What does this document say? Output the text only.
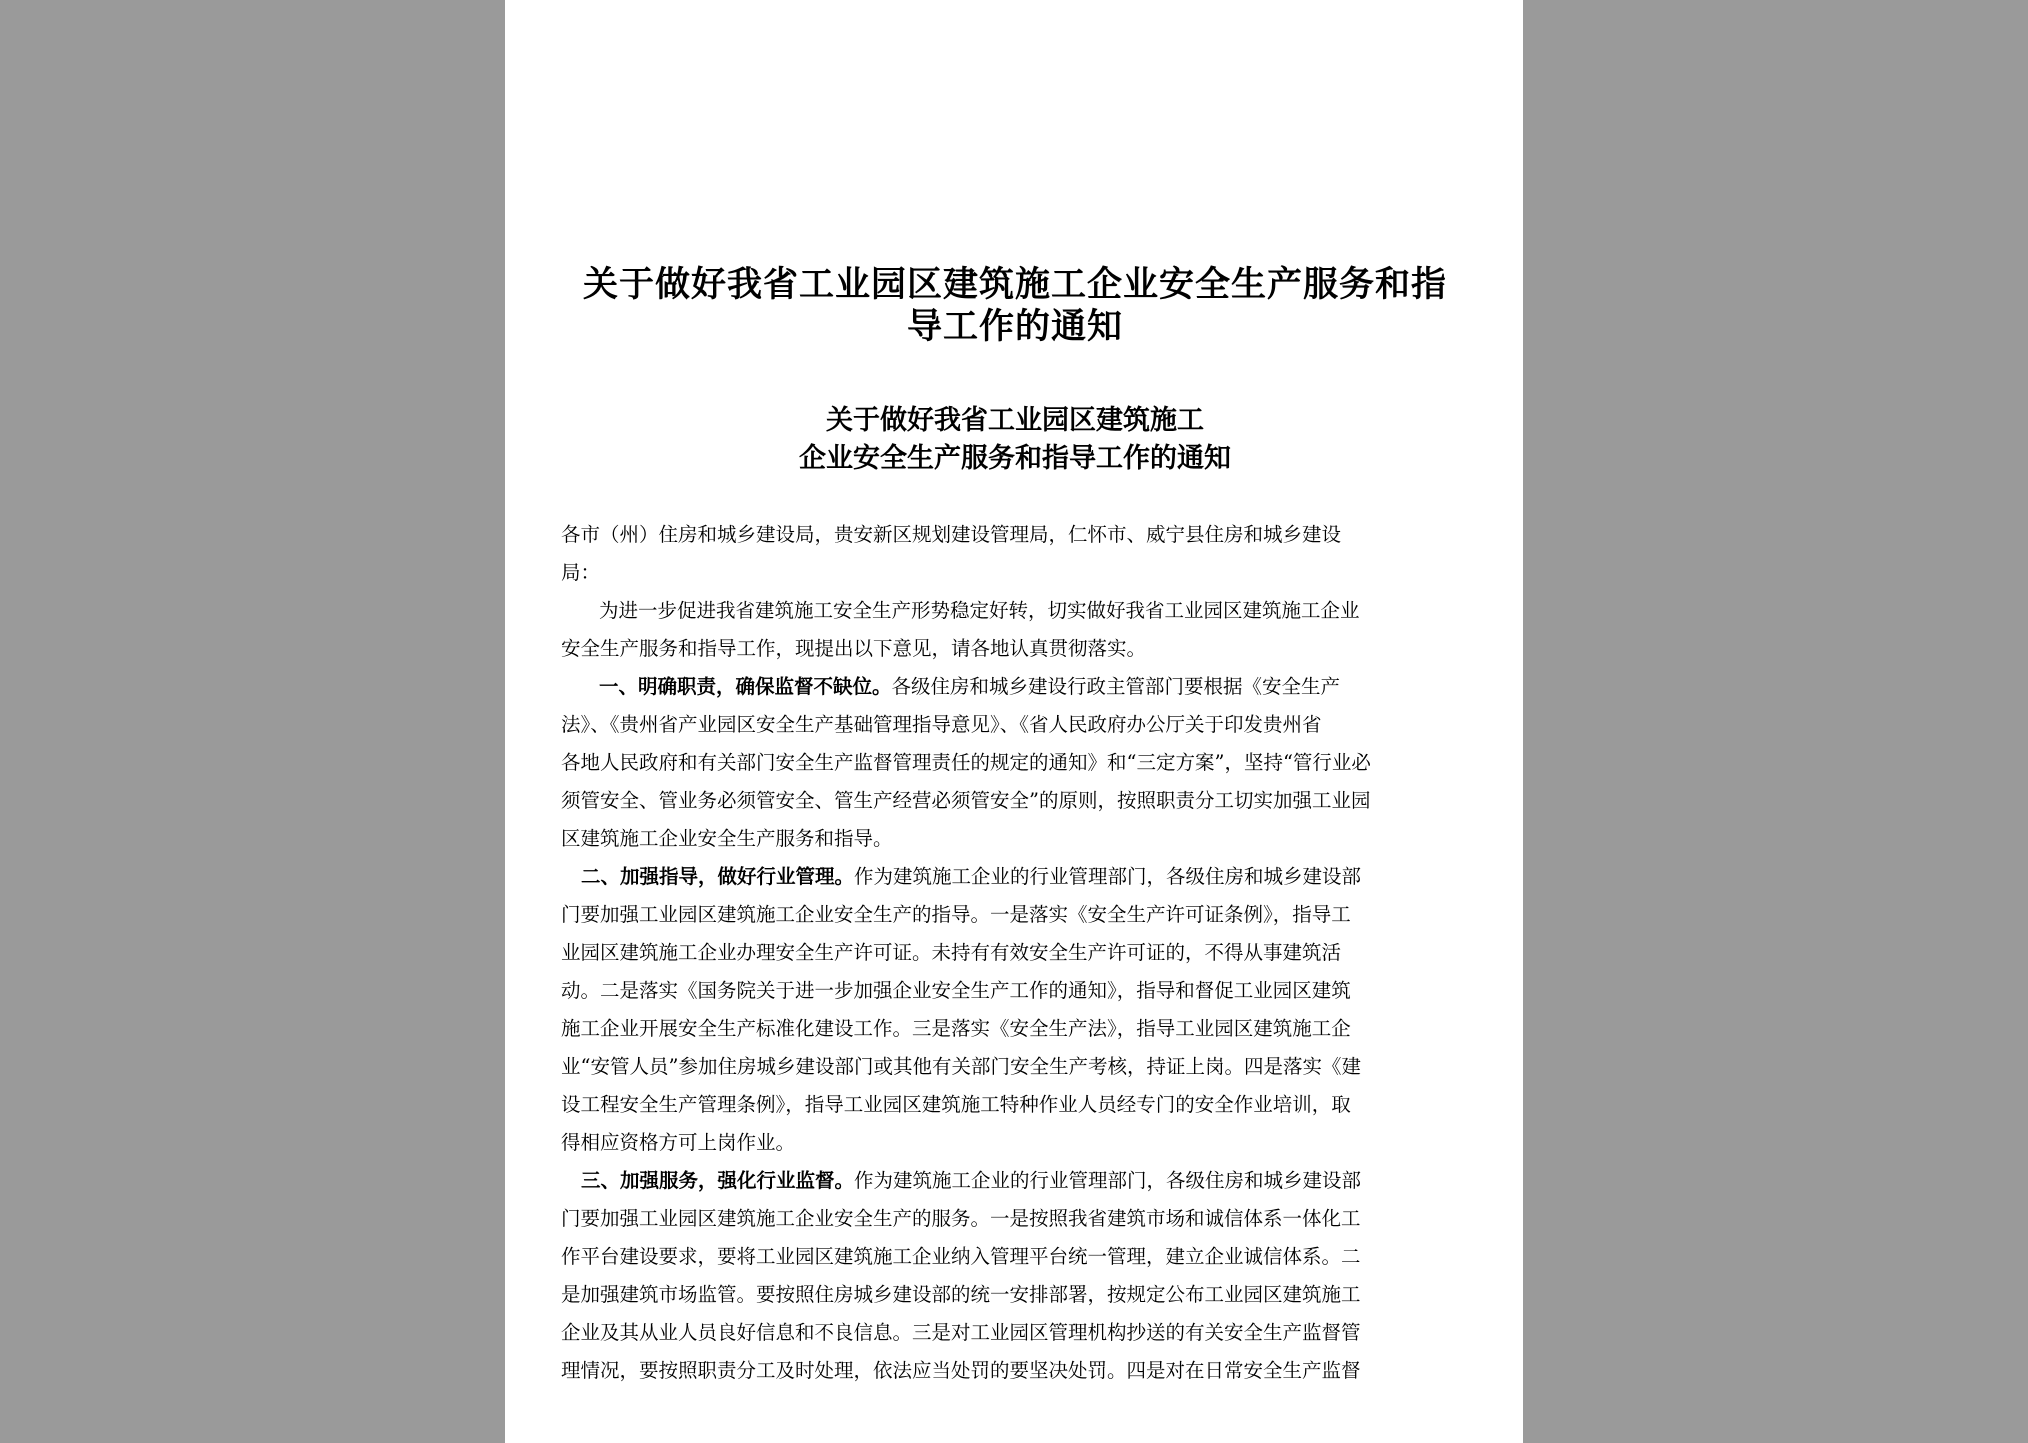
关于做好我省工业园区建筑施工企业安全生产服务和指
导工作的通知
关于做好我省工业园区建筑施工
企业安全生产服务和指导工作的通知
各市（州）住房和城乡建设局，贵安新区规划建设管理局，仁怀市、威宁县住房和城乡建设
局：
为进一步促进我省建筑施工安全生产形势稳定好转，切实做好我省工业园区建筑施工企业
安全生产服务和指导工作，现提出以下意见，请各地认真贯彻落实。
一、明确职责，确保监督不缺位。各级住房和城乡建设行政主管部门要根据《安全生产
法》、《贵州省产业园区安全生产基础管理指导意见》、《省人民政府办公厅关于印发贵州省
各地人民政府和有关部门安全生产监督管理责任的规定的通知》和“三定方案”，坚持“管行业必
须管安全、管业务必须管安全、管生产经营必须管安全”的原则，按照职责分工切实加强工业园
区建筑施工企业安全生产服务和指导。
二、加强指导，做好行业管理。作为建筑施工企业的行业管理部门，各级住房和城乡建设部
门要加强工业园区建筑施工企业安全生产的指导。一是落实《安全生产许可证条例》，指导工
业园区建筑施工企业办理安全生产许可证。未持有有效安全生产许可证的，不得从事建筑活
动。二是落实《国务院关于进一步加强企业安全生产工作的通知》，指导和督促工业园区建筑
施工企业开展安全生产标准化建设工作。三是落实《安全生产法》，指导工业园区建筑施工企
业“安管人员”参加住房城乡建设部门或其他有关部门安全生产考核，持证上岗。四是落实《建
设工程安全生产管理条例》，指导工业园区建筑施工特种作业人员经专门的安全作业培训，取
得相应资格方可上岗作业。
三、加强服务，强化行业监督。作为建筑施工企业的行业管理部门，各级住房和城乡建设部
门要加强工业园区建筑施工企业安全生产的服务。一是按照我省建筑市场和诚信体系一体化工
作平台建设要求，要将工业园区建筑施工企业纳入管理平台统一管理，建立企业诚信体系。二
是加强建筑市场监管。要按照住房城乡建设部的统一安排部署，按规定公布工业园区建筑施工
企业及其从业人员良好信息和不良信息。三是对工业园区管理机构抄送的有关安全生产监督管
理情况，要按照职责分工及时处理，依法应当处罚的要坚决处罚。四是对在日常安全生产监督
